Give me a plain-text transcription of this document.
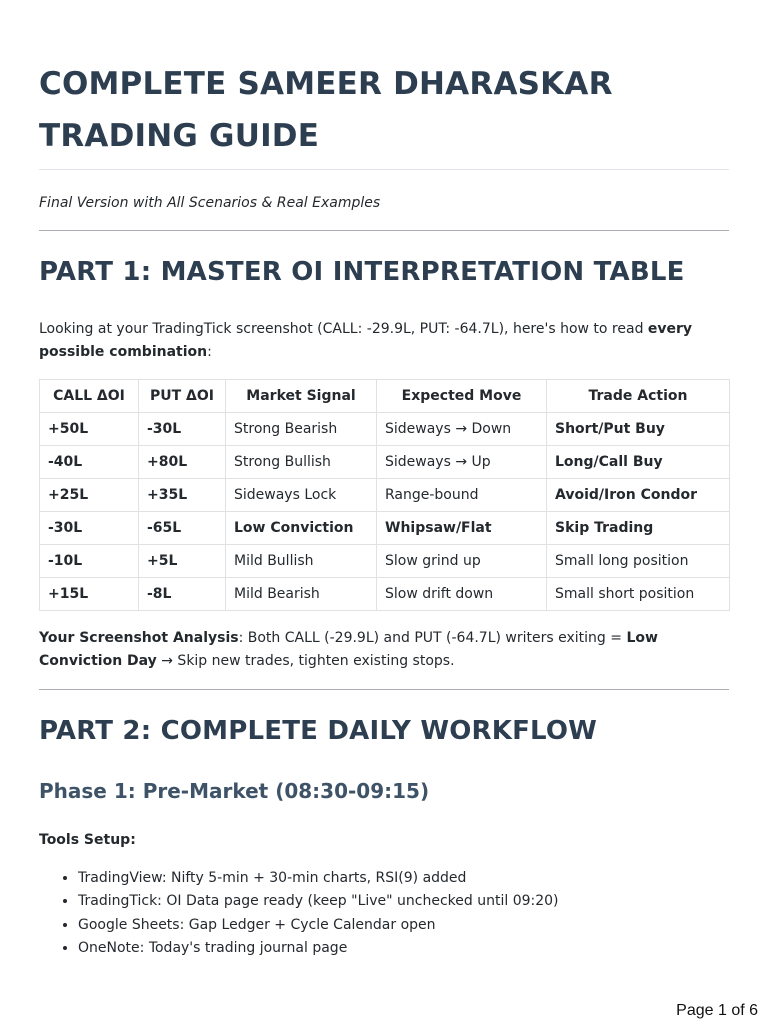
COMPLETE SAMEER DHARASKAR TRADING GUIDE
Final Version with All Scenarios & Real Examples
PART 1: MASTER OI INTERPRETATION TABLE
Looking at your TradingTick screenshot (CALL: -29.9L, PUT: -64.7L), here's how to read every possible combination:
CALL ΔOI	PUT ΔOI	Market Signal	Expected Move	Trade Action
+50L	-30L	Strong Bearish	Sideways → Down	Short/Put Buy
-40L	+80L	Strong Bullish	Sideways → Up	Long/Call Buy
+25L	+35L	Sideways Lock	Range-bound	Avoid/Iron Condor
-30L	-65L	Low Conviction	Whipsaw/Flat	Skip Trading
-10L	+5L	Mild Bullish	Slow grind up	Small long position
+15L	-8L	Mild Bearish	Slow drift down	Small short position
Your Screenshot Analysis: Both CALL (-29.9L) and PUT (-64.7L) writers exiting = Low Conviction Day → Skip new trades, tighten existing stops.
PART 2: COMPLETE DAILY WORKFLOW
Phase 1: Pre-Market (08:30-09:15)
Tools Setup:
• TradingView: Nifty 5-min + 30-min charts, RSI(9) added
• TradingTick: OI Data page ready (keep "Live" unchecked until 09:20)
• Google Sheets: Gap Ledger + Cycle Calendar open
• OneNote: Today's trading journal page
Page 1 of 6
